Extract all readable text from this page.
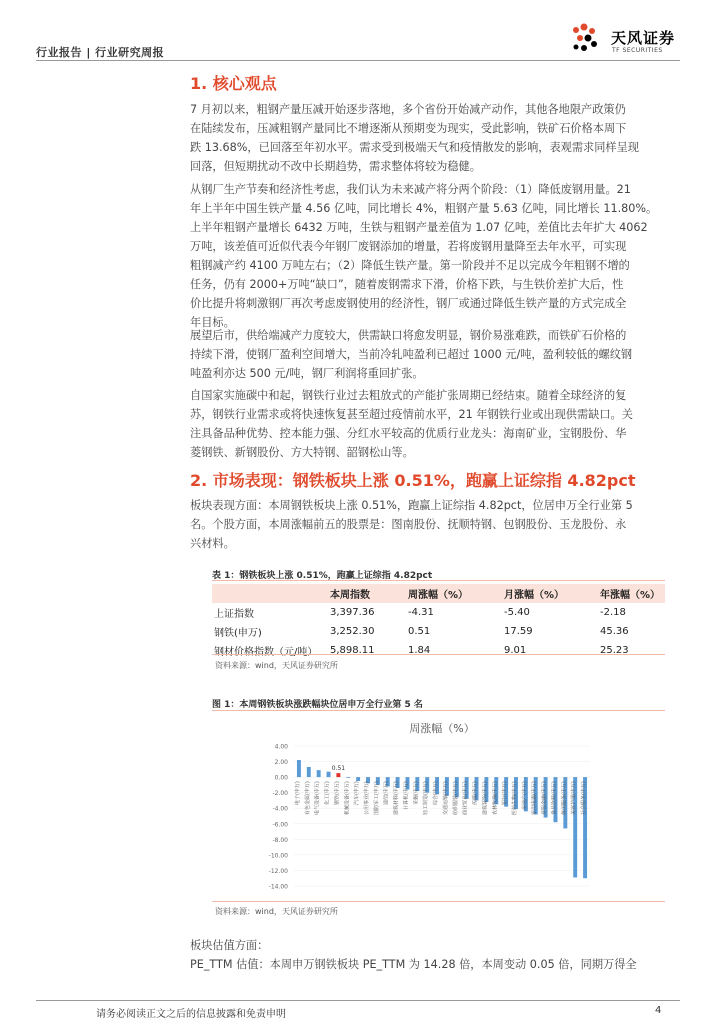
行业报告 | 行业研究周报
天风证券
TF SECURITIES
1. 核心观点
7 月初以来，粗钢产量压减开始逐步落地，多个省份开始减产动作，其他各地限产政策仍
在陆续发布，压减粗钢产量同比不增逐渐从预期变为现实，受此影响，铁矿石价格本周下
跌 13.68%，已回落至年初水平。需求受到极端天气和疫情散发的影响，表观需求同样呈现
回落，但短期扰动不改中长期趋势，需求整体将较为稳健。
从钢厂生产节奏和经济性考虑，我们认为未来减产将分两个阶段：（1）降低废钢用量。21
年上半年中国生铁产量 4.56 亿吨，同比增长 4%，粗钢产量 5.63 亿吨，同比增长 11.80%。
上半年粗钢产量增长 6432 万吨，生铁与粗钢产量差值为 1.07 亿吨，差值比去年扩大 4062
万吨，该差值可近似代表今年钢厂废钢添加的增量，若将废钢用量降至去年水平，可实现
粗钢减产约 4100 万吨左右；（2）降低生铁产量。第一阶段并不足以完成今年粗钢不增的
任务，仍有 2000+万吨“缺口”，随着废钢需求下滑，价格下跌，与生铁价差扩大后，性
价比提升将刺激钢厂再次考虑废钢使用的经济性，钢厂或通过降低生铁产量的方式完成全
年目标。
展望后市，供给端减产力度较大，供需缺口将愈发明显，钢价易涨难跌，而铁矿石价格的
持续下滑，使钢厂盈利空间增大，当前冷轧吨盈利已超过 1000 元/吨，盈利较低的螺纹钢
吨盈利亦达 500 元/吨，钢厂利润将重回扩张。
自国家实施碳中和起，钢铁行业过去粗放式的产能扩张周期已经结束。随着全球经济的复
苏，钢铁行业需求或将快速恢复甚至超过疫情前水平，21 年钢铁行业或出现供需缺口。关
注具备品种优势、控本能力强、分红水平较高的优质行业龙头：海南矿业，宝钢股份、华
菱钢铁、新钢股份、方大特钢、韶钢松山等。
2. 市场表现：钢铁板块上涨 0.51%，跑赢上证综指 4.82pct
板块表现方面：本周钢铁板块上涨 0.51%，跑赢上证综指 4.82pct，位居申万全行业第 5
名。个股方面，本周涨幅前五的股票是：图南股份、抚顺特钢、包钢股份、玉龙股份、永
兴材料。
表 1：钢铁板块上涨 0.51%，跑赢上证综指 4.82pct
	本周指数	周涨幅（%）	月涨幅（%）	年涨幅（%）
上证指数	3,397.36	-4.31	-5.40	-2.18
钢铁(申万)	3,252.30	0.51	17.59	45.36
钢材价格指数（元/吨）	5,898.11	1.84	9.01	25.23
资料来源：wind，天风证券研究所
图 1：本周钢铁板块涨跌幅块位居申万全行业第 5 名
周涨幅（%）
4.00
2.00
0.00
-2.00
-4.00
-6.00
-8.00
-10.00
-12.00
-14.00
0.51
电子(申万) 有色金属(申万) 电气设备(申万) 化工(申万) 钢铁(申万) 机械设备(申万) 汽车(申万) 公用事业(申万) 国防军工(申万) 通信(申万) 建筑材料(申万) 计算机(申万) 采掘(申万) 轻工制造(申万) 综合(申万) 交通运输(申万) 纺织服装(申万) 商业贸易(申万) 传媒(申万) 建筑装饰(申万) 农林牧渔(申万) 银行(申万) 医药生物(申万) 房地产(申万) 家用电器(申万) 非银金融(申万) 食品饮料(申万) 休闲服务(申万) 美容护理(申万) 社会服务(申万)
资料来源：wind，天风证券研究所
板块估值方面：
PE_TTM 估值：本周申万钢铁板块 PE_TTM 为 14.28 倍，本周变动 0.05 倍，同期万得全
请务必阅读正文之后的信息披露和免责申明	4
